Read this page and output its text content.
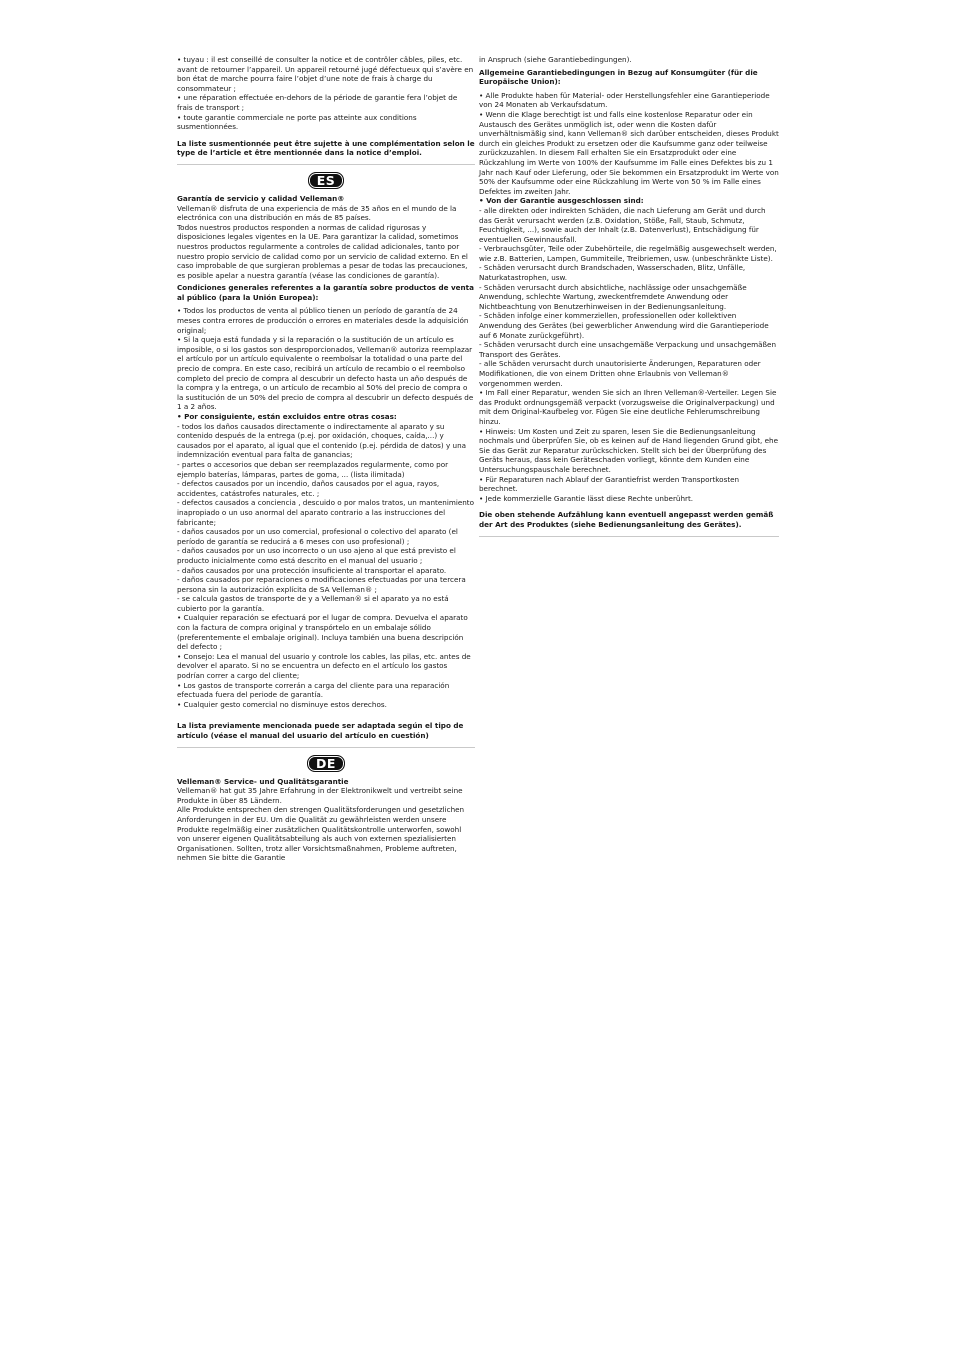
• tuyau : il est conseillé de consulter la notice et de contrôler câbles, piles, etc. avant de retourner l’appareil. Un appareil retourné jugé défectueux qui s’avère en bon état de marche pourra faire l’objet d’une note de frais à charge du consommateur ;

• une réparation effectuée en-dehors de la période de garantie fera l’objet de frais de transport ;

• toute garantie commerciale ne porte pas atteinte aux conditions susmentionnées.

La liste susmentionnée peut être sujette à une complémentation selon le type de l’article et être mentionnée dans la notice d’emploi.

ES

Garantía de servicio y calidad Velleman®

Velleman® disfruta de una experiencia de más de 35 años en el mundo de la electrónica con una distribución en más de 85 países.

Todos nuestros productos responden a normas de calidad rigurosas y disposiciones legales vigentes en la UE. Para garantizar la calidad, sometimos nuestros productos regularmente a controles de calidad adicionales, tanto por nuestro propio servicio de calidad como por un servicio de calidad externo. En el caso improbable de que surgieran problemas a pesar de todas las precauciones, es posible apelar a nuestra garantía (véase las condiciones de garantía).

Condiciones generales referentes a la garantía sobre productos de venta al público (para la Unión Europea):

• Todos los productos de venta al público tienen un período de garantía de 24 meses contra errores de producción o errores en materiales desde la adquisición original;

• Si la queja está fundada y si la reparación o la sustitución de un artículo es imposible, o si los gastos son desproporcionados, Velleman® autoriza reemplazar el artículo por un artículo equivalente o reembolsar la totalidad o una parte del precio de compra. En este caso, recibirá un artículo de recambio o el reembolso completo del precio de compra al descubrir un defecto hasta un año después de la compra y la entrega, o un artículo de recambio al 50% del precio de compra o la sustitución de un 50% del precio de compra al descubrir un defecto después de 1 a 2 años.

• Por consiguiente, están excluidos entre otras cosas:

- todos los daños causados directamente o indirectamente al aparato y su contenido después de la entrega (p.ej. por oxidación, choques, caída,...) y causados por el aparato, al igual que el contenido (p.ej. pérdida de datos) y una indemnización eventual para falta de ganancias;

- partes o accesorios que deban ser reemplazados regularmente, como por ejemplo baterías, lámparas, partes de goma, ... (lista ilimitada)

- defectos causados por un incendio, daños causados por el agua, rayos, accidentes, catástrofes naturales, etc. ;

- defectos causados a conciencia , descuido o por malos tratos, un mantenimiento inapropiado o un uso anormal del aparato contrario a las instrucciones del fabricante;

- daños causados por un uso comercial, profesional o colectivo del aparato (el período de garantía se reducirá a 6 meses con uso profesional) ;

- daños causados por un uso incorrecto o un uso ajeno al que está previsto el producto inicialmente como está descrito en el manual del usuario ;

- daños causados por una protección insuficiente al transportar el aparato.

- daños causados por reparaciones o modificaciones efectuadas por una tercera persona sin la autorización explícita de SA Velleman® ;

- se calcula gastos de transporte de y a Velleman® si el aparato ya no está cubierto por la garantía.

• Cualquier reparación se efectuará por el lugar de compra. Devuelva el aparato con la factura de compra original y transpórtelo en un embalaje sólido (preferentemente el embalaje original). Incluya también una buena descripción del defecto ;

• Consejo: Lea el manual del usuario y controle los cables, las pilas, etc. antes de devolver el aparato. Si no se encuentra un defecto en el artículo los gastos podrían correr a cargo del cliente;

• Los gastos de transporte correrán a carga del cliente para una reparación efectuada fuera del periode de garantía.

• Cualquier gesto comercial no disminuye estos derechos.

La lista previamente mencionada puede ser adaptada según el tipo de artículo (véase el manual del usuario del artículo en cuestión)

DE

Velleman® Service- und Qualitätsgarantie

Velleman® hat gut 35 Jahre Erfahrung in der Elektronikwelt und vertreibt seine Produkte in über 85 Ländern.

Alle Produkte entsprechen den strengen Qualitätsforderungen und gesetzlichen Anforderungen in der EU. Um die Qualität zu gewährleisten werden unsere Produkte regelmäßig einer zusätzlichen Qualitätskontrolle unterworfen, sowohl von unserer eigenen Qualitätsabteilung als auch von externen spezialisierten Organisationen. Sollten, trotz aller Vorsichtsmaßnahmen, Probleme auftreten, nehmen Sie bitte die Garantie

in Anspruch (siehe Garantiebedingungen).

Allgemeine Garantiebedingungen in Bezug auf Konsumgüter (für die Europäische Union):

• Alle Produkte haben für Material- oder Herstellungsfehler eine Garantieperiode von 24 Monaten ab Verkaufsdatum.

• Wenn die Klage berechtigt ist und falls eine kostenlose Reparatur oder ein Austausch des Gerätes unmöglich ist, oder wenn die Kosten dafür unverhältnismäßig sind, kann Velleman® sich darüber entscheiden, dieses Produkt durch ein gleiches Produkt zu ersetzen oder die Kaufsumme ganz oder teilweise zurückzuzahlen. In diesem Fall erhalten Sie ein Ersatzprodukt oder eine Rückzahlung im Werte von 100% der Kaufsumme im Falle eines Defektes bis zu 1 Jahr nach Kauf oder Lieferung, oder Sie bekommen ein Ersatzprodukt im Werte von 50% der Kaufsumme oder eine Rückzahlung im Werte von 50 % im Falle eines Defektes im zweiten Jahr.

• Von der Garantie ausgeschlossen sind:

- alle direkten oder indirekten Schäden, die nach Lieferung am Gerät und durch das Gerät verursacht werden (z.B. Oxidation, Stöße, Fall, Staub, Schmutz, Feuchtigkeit, ...), sowie auch der Inhalt (z.B. Datenverlust), Entschädigung für eventuellen Gewinnausfall.

- Verbrauchsgüter, Teile oder Zubehörteile, die regelmäßig ausgewechselt werden, wie z.B. Batterien, Lampen, Gummiteile, Treibriemen, usw. (unbeschränkte Liste).

- Schäden verursacht durch Brandschaden, Wasserschaden, Blitz, Unfälle, Naturkatastrophen, usw.

- Schäden verursacht durch absichtliche, nachlässige oder unsachgemäße Anwendung, schlechte Wartung, zweckentfremdete Anwendung oder Nichtbeachtung von Benutzerhinweisen in der Bedienungsanleitung.

- Schäden infolge einer kommerziellen, professionellen oder kollektiven Anwendung des Gerätes (bei gewerblicher Anwendung wird die Garantieperiode auf 6 Monate zurückgeführt).

- Schäden verursacht durch eine unsachgemäße Verpackung und unsachgemäßen Transport des Gerätes.

- alle Schäden verursacht durch unautorisierte Änderungen, Reparaturen oder Modifikationen, die von einem Dritten ohne Erlaubnis von Velleman® vorgenommen werden.

• Im Fall einer Reparatur, wenden Sie sich an Ihren Velleman®-Verteiler. Legen Sie das Produkt ordnungsgemäß verpackt (vorzugsweise die Originalverpackung) und mit dem Original-Kaufbeleg vor. Fügen Sie eine deutliche Fehlerumschreibung hinzu.

• Hinweis: Um Kosten und Zeit zu sparen, lesen Sie die Bedienungsanleitung nochmals und überprüfen Sie, ob es keinen auf de Hand liegenden Grund gibt, ehe Sie das Gerät zur Reparatur zurückschicken. Stellt sich bei der Überprüfung des Geräts heraus, dass kein Geräteschaden vorliegt, könnte dem Kunden eine Untersuchungspauschale berechnet.

• Für Reparaturen nach Ablauf der Garantiefrist werden Transportkosten berechnet.

• Jede kommerzielle Garantie lässt diese Rechte unberührt.

Die oben stehende Aufzählung kann eventuell angepasst werden gemäß der Art des Produktes (siehe Bedienungsanleitung des Gerätes).
